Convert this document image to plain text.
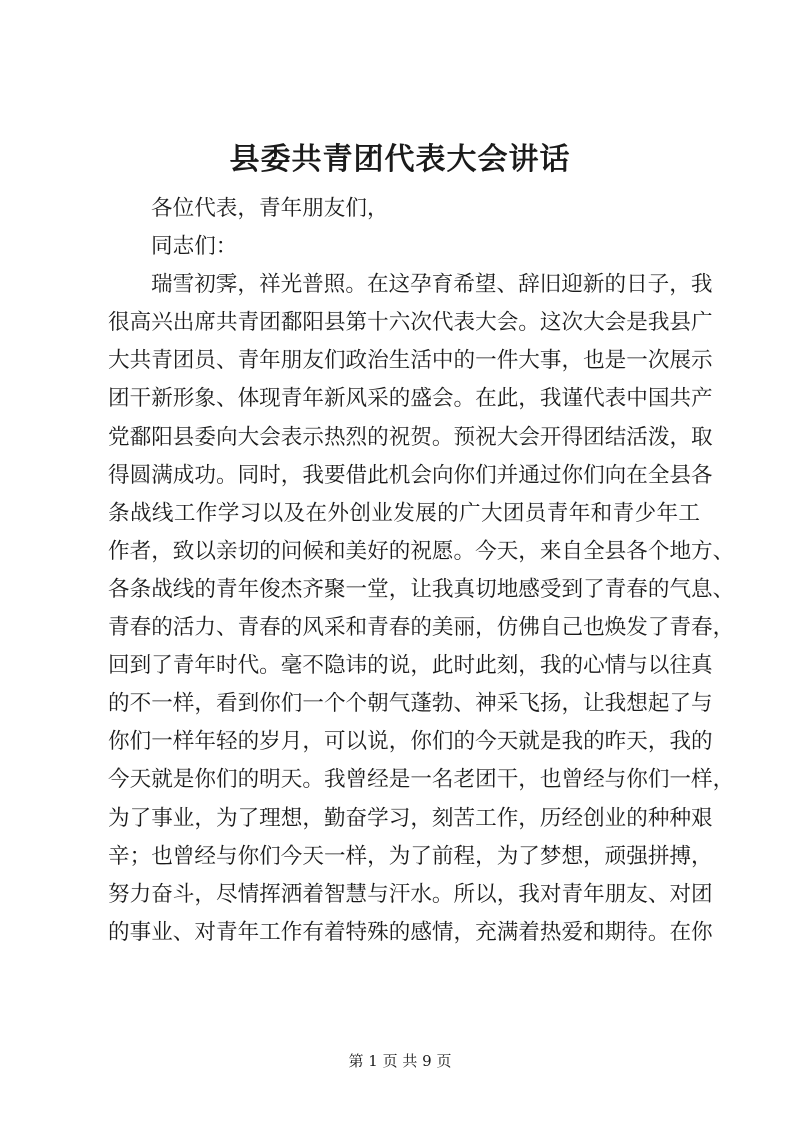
县委共青团代表大会讲话
各位代表，青年朋友们，
同志们：
瑞雪初霁，祥光普照。在这孕育希望、辞旧迎新的日子，我
很高兴出席共青团鄱阳县第十六次代表大会。这次大会是我县广
大共青团员、青年朋友们政治生活中的一件大事，也是一次展示
团干新形象、体现青年新风采的盛会。在此，我谨代表中国共产
党鄱阳县委向大会表示热烈的祝贺。预祝大会开得团结活泼，取
得圆满成功。同时，我要借此机会向你们并通过你们向在全县各
条战线工作学习以及在外创业发展的广大团员青年和青少年工
作者，致以亲切的问候和美好的祝愿。今天，来自全县各个地方、
各条战线的青年俊杰齐聚一堂，让我真切地感受到了青春的气息、
青春的活力、青春的风采和青春的美丽，仿佛自己也焕发了青春，
回到了青年时代。毫不隐讳的说，此时此刻，我的心情与以往真
的不一样，看到你们一个个朝气蓬勃、神采飞扬，让我想起了与
你们一样年轻的岁月，可以说，你们的今天就是我的昨天，我的
今天就是你们的明天。我曾经是一名老团干，也曾经与你们一样，
为了事业，为了理想，勤奋学习，刻苦工作，历经创业的种种艰
辛；也曾经与你们今天一样，为了前程，为了梦想，顽强拼搏，
努力奋斗，尽情挥洒着智慧与汗水。所以，我对青年朋友、对团
的事业、对青年工作有着特殊的感情，充满着热爱和期待。在你
第 1 页 共 9 页
